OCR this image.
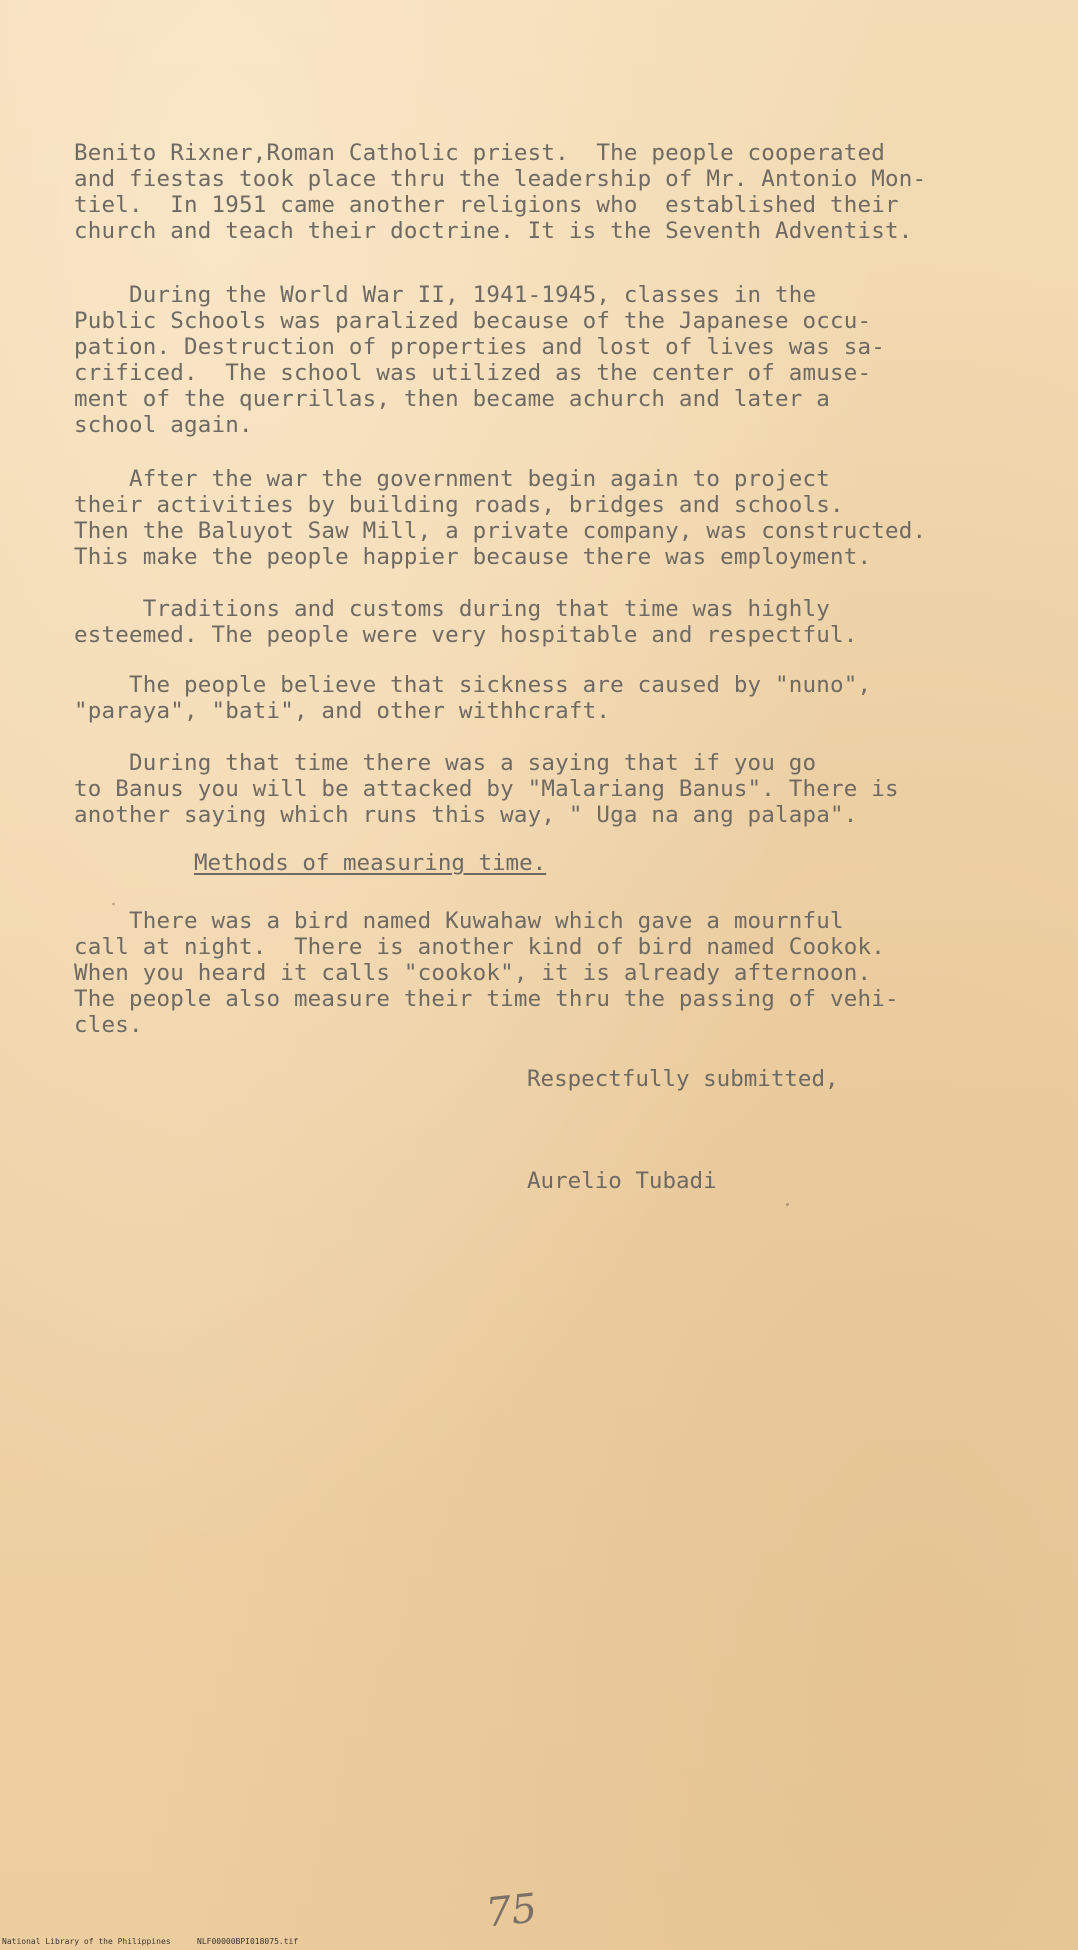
Benito Rixner,Roman Catholic priest.  The people cooperated
and fiestas took place thru the leadership of Mr. Antonio Mon-
tiel.  In 1951 came another religions who  established their
church and teach their doctrine. It is the Seventh Adventist.

During the World War II, 1941-1945, classes in the
Public Schools was paralized because of the Japanese occu-
pation. Destruction of properties and lost of lives was sa-
crificed.  The school was utilized as the center of amuse-
ment of the querrillas, then became achurch and later a
school again.

After the war the government begin again to project
their activities by building roads, bridges and schools.
Then the Baluyot Saw Mill, a private company, was constructed.
This make the people happier because there was employment.

Traditions and customs during that time was highly
esteemed. The people were very hospitable and respectful.

The people believe that sickness are caused by "nuno",
"paraya", "bati", and other withhcraft.

During that time there was a saying that if you go
to Banus you will be attacked by "Malariang Banus". There is
another saying which runs this way, " Uga na ang palapa".

Methods of measuring time.

There was a bird named Kuwahaw which gave a mournful
call at night.  There is another kind of bird named Cookok.
When you heard it calls "cookok", it is already afternoon.
The people also measure their time thru the passing of vehi-
cles.

Respectfully submitted,
Aurelio Tubadi
75
National Library of the Philippines	NLF00000BPI018075.tif
